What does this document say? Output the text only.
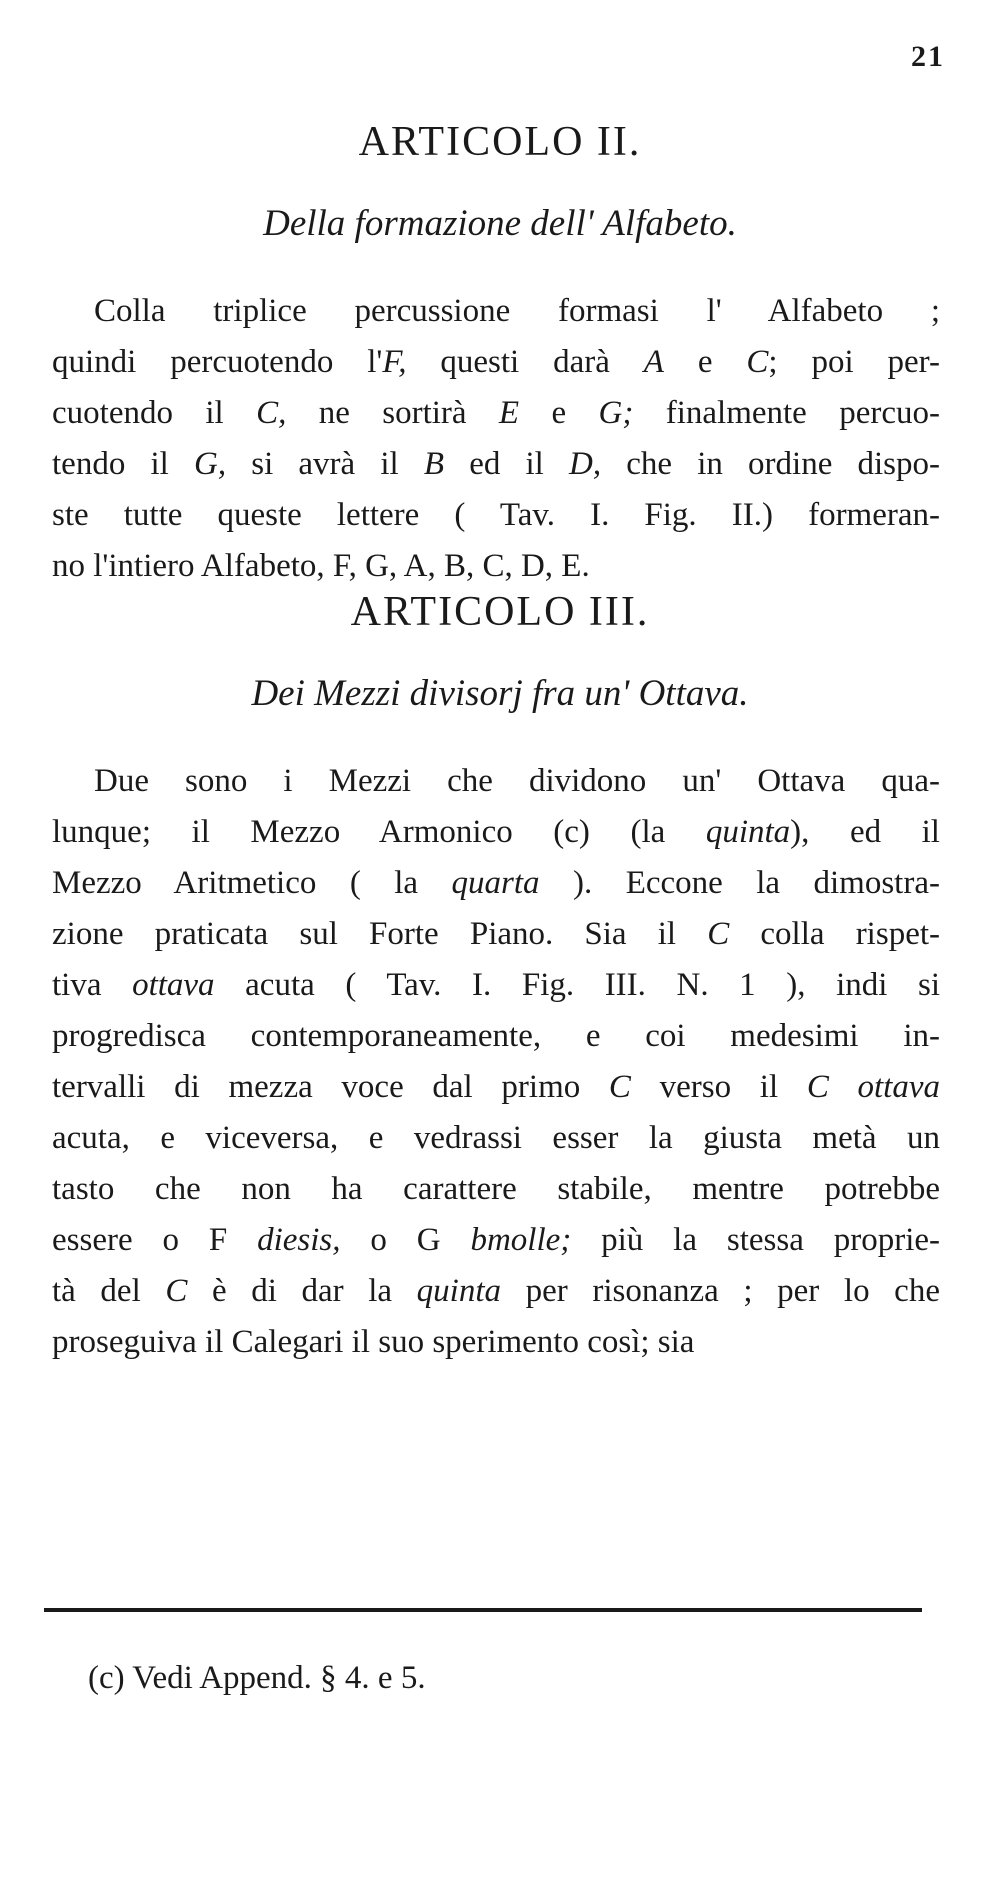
21
ARTICOLO II.
Della formazione dell' Alfabeto.
Colla triplice percussione formasi l' Alfabeto ;
quindi percuotendo l'F, questi darà A e C; poi per-
cuotendo il C, ne sortirà E e G; finalmente percuo-
tendo il G, si avrà il B ed il D, che in ordine dispo-
ste tutte queste lettere ( Tav. I. Fig. II.) formeran-
no l'intiero Alfabeto, F, G, A, B, C, D, E.
ARTICOLO III.
Dei Mezzi divisorj fra un' Ottava.
Due sono i Mezzi che dividono un' Ottava qua-
lunque; il Mezzo Armonico (c) (la quinta), ed il
Mezzo Aritmetico ( la quarta ). Eccone la dimostra-
zione praticata sul Forte Piano. Sia il C colla rispet-
tiva ottava acuta ( Tav. I. Fig. III. N. 1 ), indi si
progredisca contemporaneamente, e coi medesimi in-
tervalli di mezza voce dal primo C verso il C ottava
acuta, e viceversa, e vedrassi esser la giusta metà un
tasto che non ha carattere stabile, mentre potrebbe
essere o F diesis, o G bmolle; più la stessa proprie-
tà del C è di dar la quinta per risonanza ; per lo che
proseguiva il Calegari il suo sperimento così; sia
(c) Vedi Append. § 4. e 5.
